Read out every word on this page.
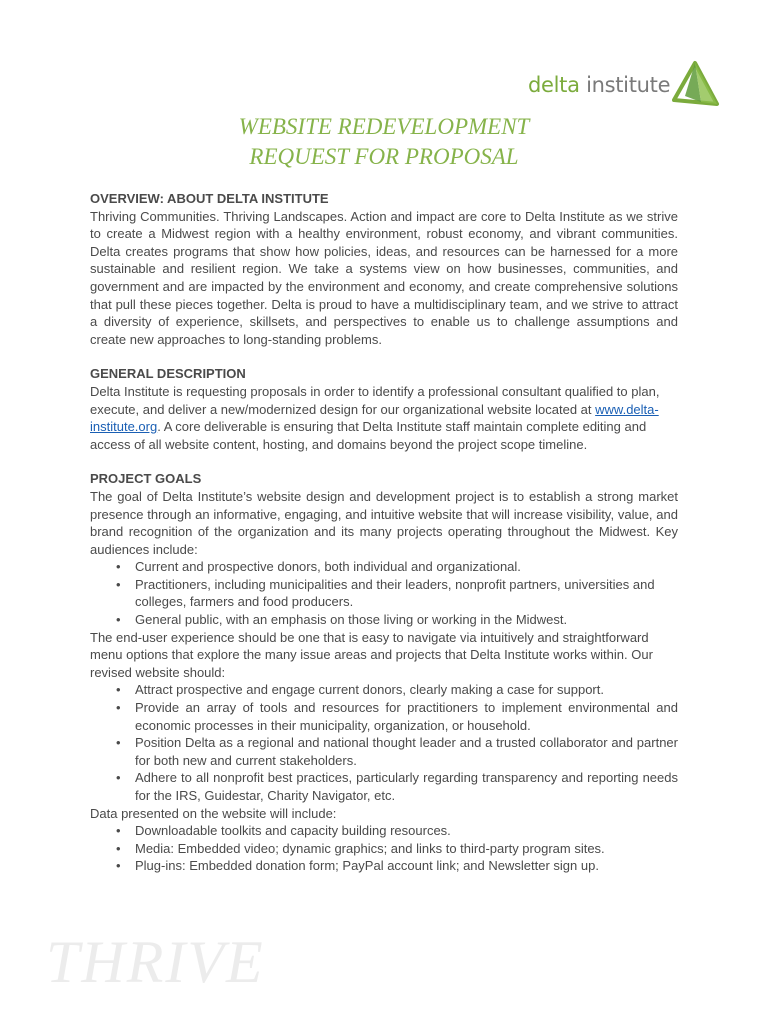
delta institute
WEBSITE REDEVELOPMENT
REQUEST FOR PROPOSAL
OVERVIEW: ABOUT DELTA INSTITUTE

Thriving Communities. Thriving Landscapes. Action and impact are core to Delta Institute as we strive to create a Midwest region with a healthy environment, robust economy, and vibrant communities. Delta creates programs that show how policies, ideas, and resources can be harnessed for a more sustainable and resilient region. We take a systems view on how businesses, communities, and government and are impacted by the environment and economy, and create comprehensive solutions that pull these pieces together. Delta is proud to have a multidisciplinary team, and we strive to attract a diversity of experience, skillsets, and perspectives to enable us to challenge assumptions and create new approaches to long-standing problems.

GENERAL DESCRIPTION

Delta Institute is requesting proposals in order to identify a professional consultant qualified to plan, execute, and deliver a new/modernized design for our organizational website located at www.delta-institute.org. A core deliverable is ensuring that Delta Institute staff maintain complete editing and access of all website content, hosting, and domains beyond the project scope timeline.

PROJECT GOALS

The goal of Delta Institute’s website design and development project is to establish a strong market presence through an informative, engaging, and intuitive website that will increase visibility, value, and brand recognition of the organization and its many projects operating throughout the Midwest. Key audiences include:

• Current and prospective donors, both individual and organizational.
• Practitioners, including municipalities and their leaders, nonprofit partners, universities and colleges, farmers and food producers.
• General public, with an emphasis on those living or working in the Midwest.

The end-user experience should be one that is easy to navigate via intuitively and straightforward menu options that explore the many issue areas and projects that Delta Institute works within. Our revised website should:

• Attract prospective and engage current donors, clearly making a case for support.
• Provide an array of tools and resources for practitioners to implement environmental and economic processes in their municipality, organization, or household.
• Position Delta as a regional and national thought leader and a trusted collaborator and partner for both new and current stakeholders.
• Adhere to all nonprofit best practices, particularly regarding transparency and reporting needs for the IRS, Guidestar, Charity Navigator, etc.

Data presented on the website will include:

• Downloadable toolkits and capacity building resources.
• Media: Embedded video; dynamic graphics; and links to third-party program sites.
• Plug-ins: Embedded donation form; PayPal account link; and Newsletter sign up.
THRIVE
